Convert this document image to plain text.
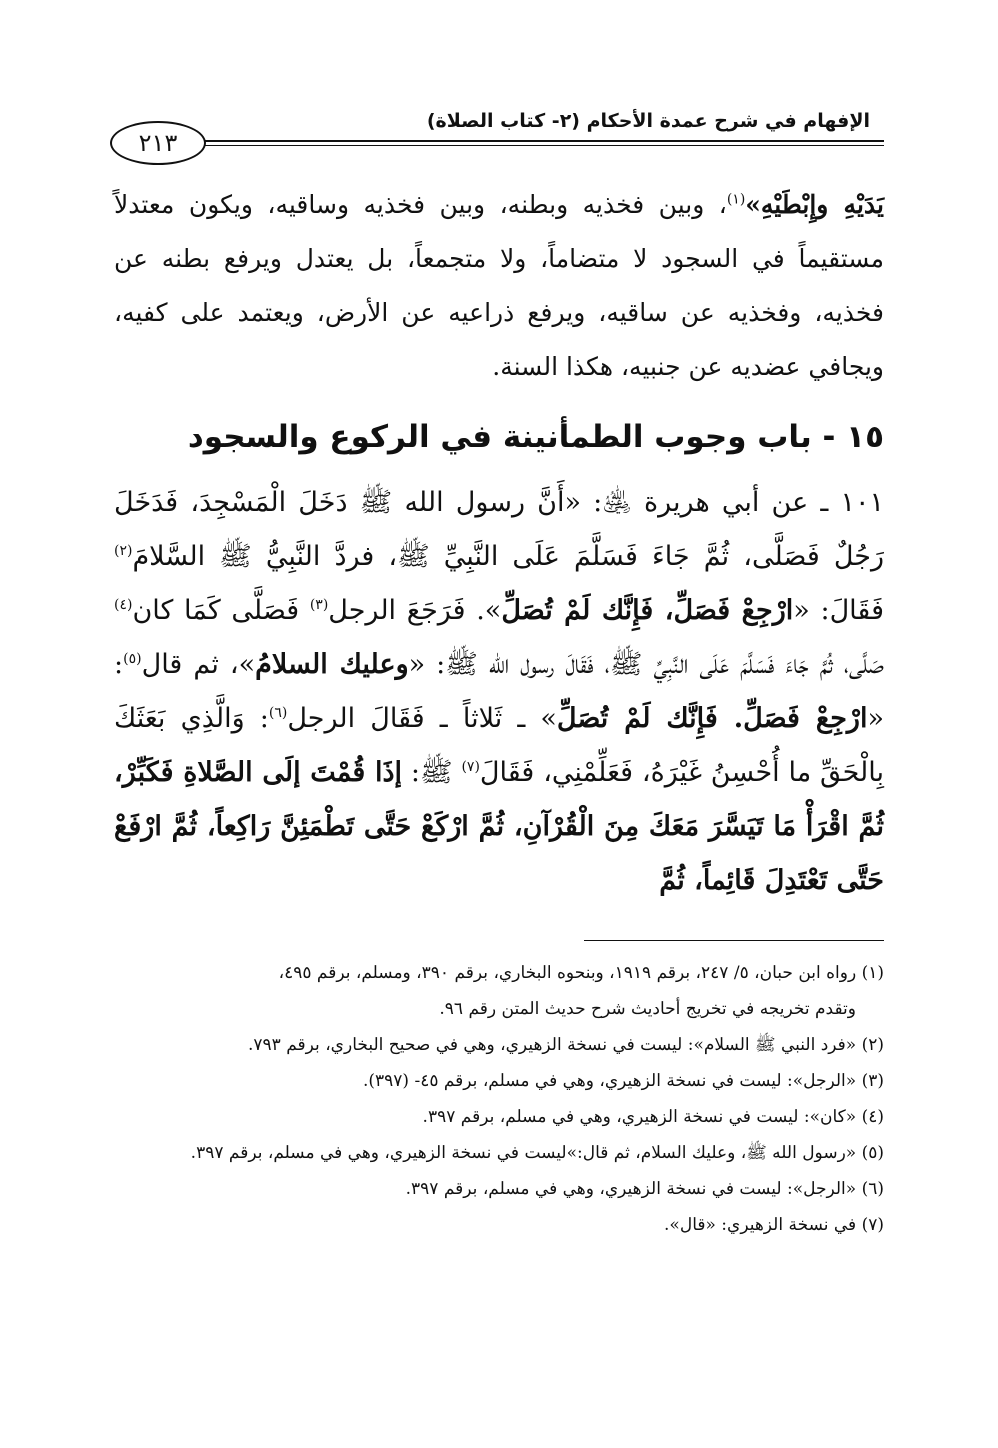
الإفهام في شرح عمدة الأحكام (٢- كتاب الصلاة)
٢١٣

يَدَيْهِ وإِبْطَيْهِ»$^{(١)}$، وبين فخذيه وبطنه، وبين فخذيه وساقيه، ويكون معتدلاً مستقيماً في السجود لا متضاماً، ولا متجمعاً، بل يعتدل ويرفع بطنه عن فخذيه، وفخذيه عن ساقيه، ويرفع ذراعيه عن الأرض، ويعتمد على كفيه، ويجافي عضديه عن جنبيه، هكذا السنة.

١٥ - باب وجوب الطمأنينة في الركوع والسجود

١٠١ ـ عن أبي هريرة ﵁: «أَنَّ رسول الله ﷺ دَخَلَ الْمَسْجِدَ، فَدَخَلَ رَجُلٌ فَصَلَّى، ثُمَّ جَاءَ فَسَلَّمَ عَلَى النَّبِيِّ ﷺ، فردَّ النَّبِيُّ ﷺ السَّلامَ$^{(٢)}$ فَقَالَ: «ارْجِعْ فَصَلِّ، فَإِنَّك لَمْ تُصَلِّ». فَرَجَعَ الرجل$^{(٣)}$ فَصَلَّى كَمَا كان$^{(٤)}$ صَلَّى، ثُمَّ جَاءَ فَسَلَّمَ عَلَى النَّبِيِّ ﷺ، فَقَالَ رسول الله ﷺ: «وعليك السلامُ»، ثم قال$^{(٥)}$: «ارْجِعْ فَصَلِّ. فَإِنَّك لَمْ تُصَلِّ» ـ ثَلاثاً ـ فَقَالَ الرجل$^{(٦)}$: وَالَّذِي بَعَثَكَ بِالْحَقِّ ما أُحْسِنُ غَيْرَهُ، فَعَلِّمْنِي، فَقَالَ$^{(٧)}$ ﷺ: إذَا قُمْتَ إلَى الصَّلاةِ فَكَبِّرْ، ثُمَّ اقْرَأْ مَا تَيَسَّرَ مَعَكَ مِنَ الْقُرْآنِ، ثُمَّ ارْكَعْ حَتَّى تَطْمَئِنَّ رَاكِعاً، ثُمَّ ارْفَعْ حَتَّى تَعْتَدِلَ قَائِماً، ثُمَّ

(١) رواه ابن حبان، ٥/ ٢٤٧، برقم ١٩١٩، وبنحوه البخاري، برقم ٣٩٠، ومسلم، برقم ٤٩٥،

وتقدم تخريجه في تخريج أحاديث شرح حديث المتن رقم ٩٦.

(٢) «فرد النبي ﷺ السلام»: ليست في نسخة الزهيري، وهي في صحيح البخاري، برقم ٧٩٣.

(٣) «الرجل»: ليست في نسخة الزهيري، وهي في مسلم، برقم ٤٥- (٣٩٧).

(٤) «كان»: ليست في نسخة الزهيري، وهي في مسلم، برقم ٣٩٧.

(٥) «رسول الله ﷺ، وعليك السلام، ثم قال:»ليست في نسخة الزهيري، وهي في مسلم، برقم ٣٩٧.

(٦) «الرجل»: ليست في نسخة الزهيري، وهي في مسلم، برقم ٣٩٧.

(٧) في نسخة الزهيري: «قال».
